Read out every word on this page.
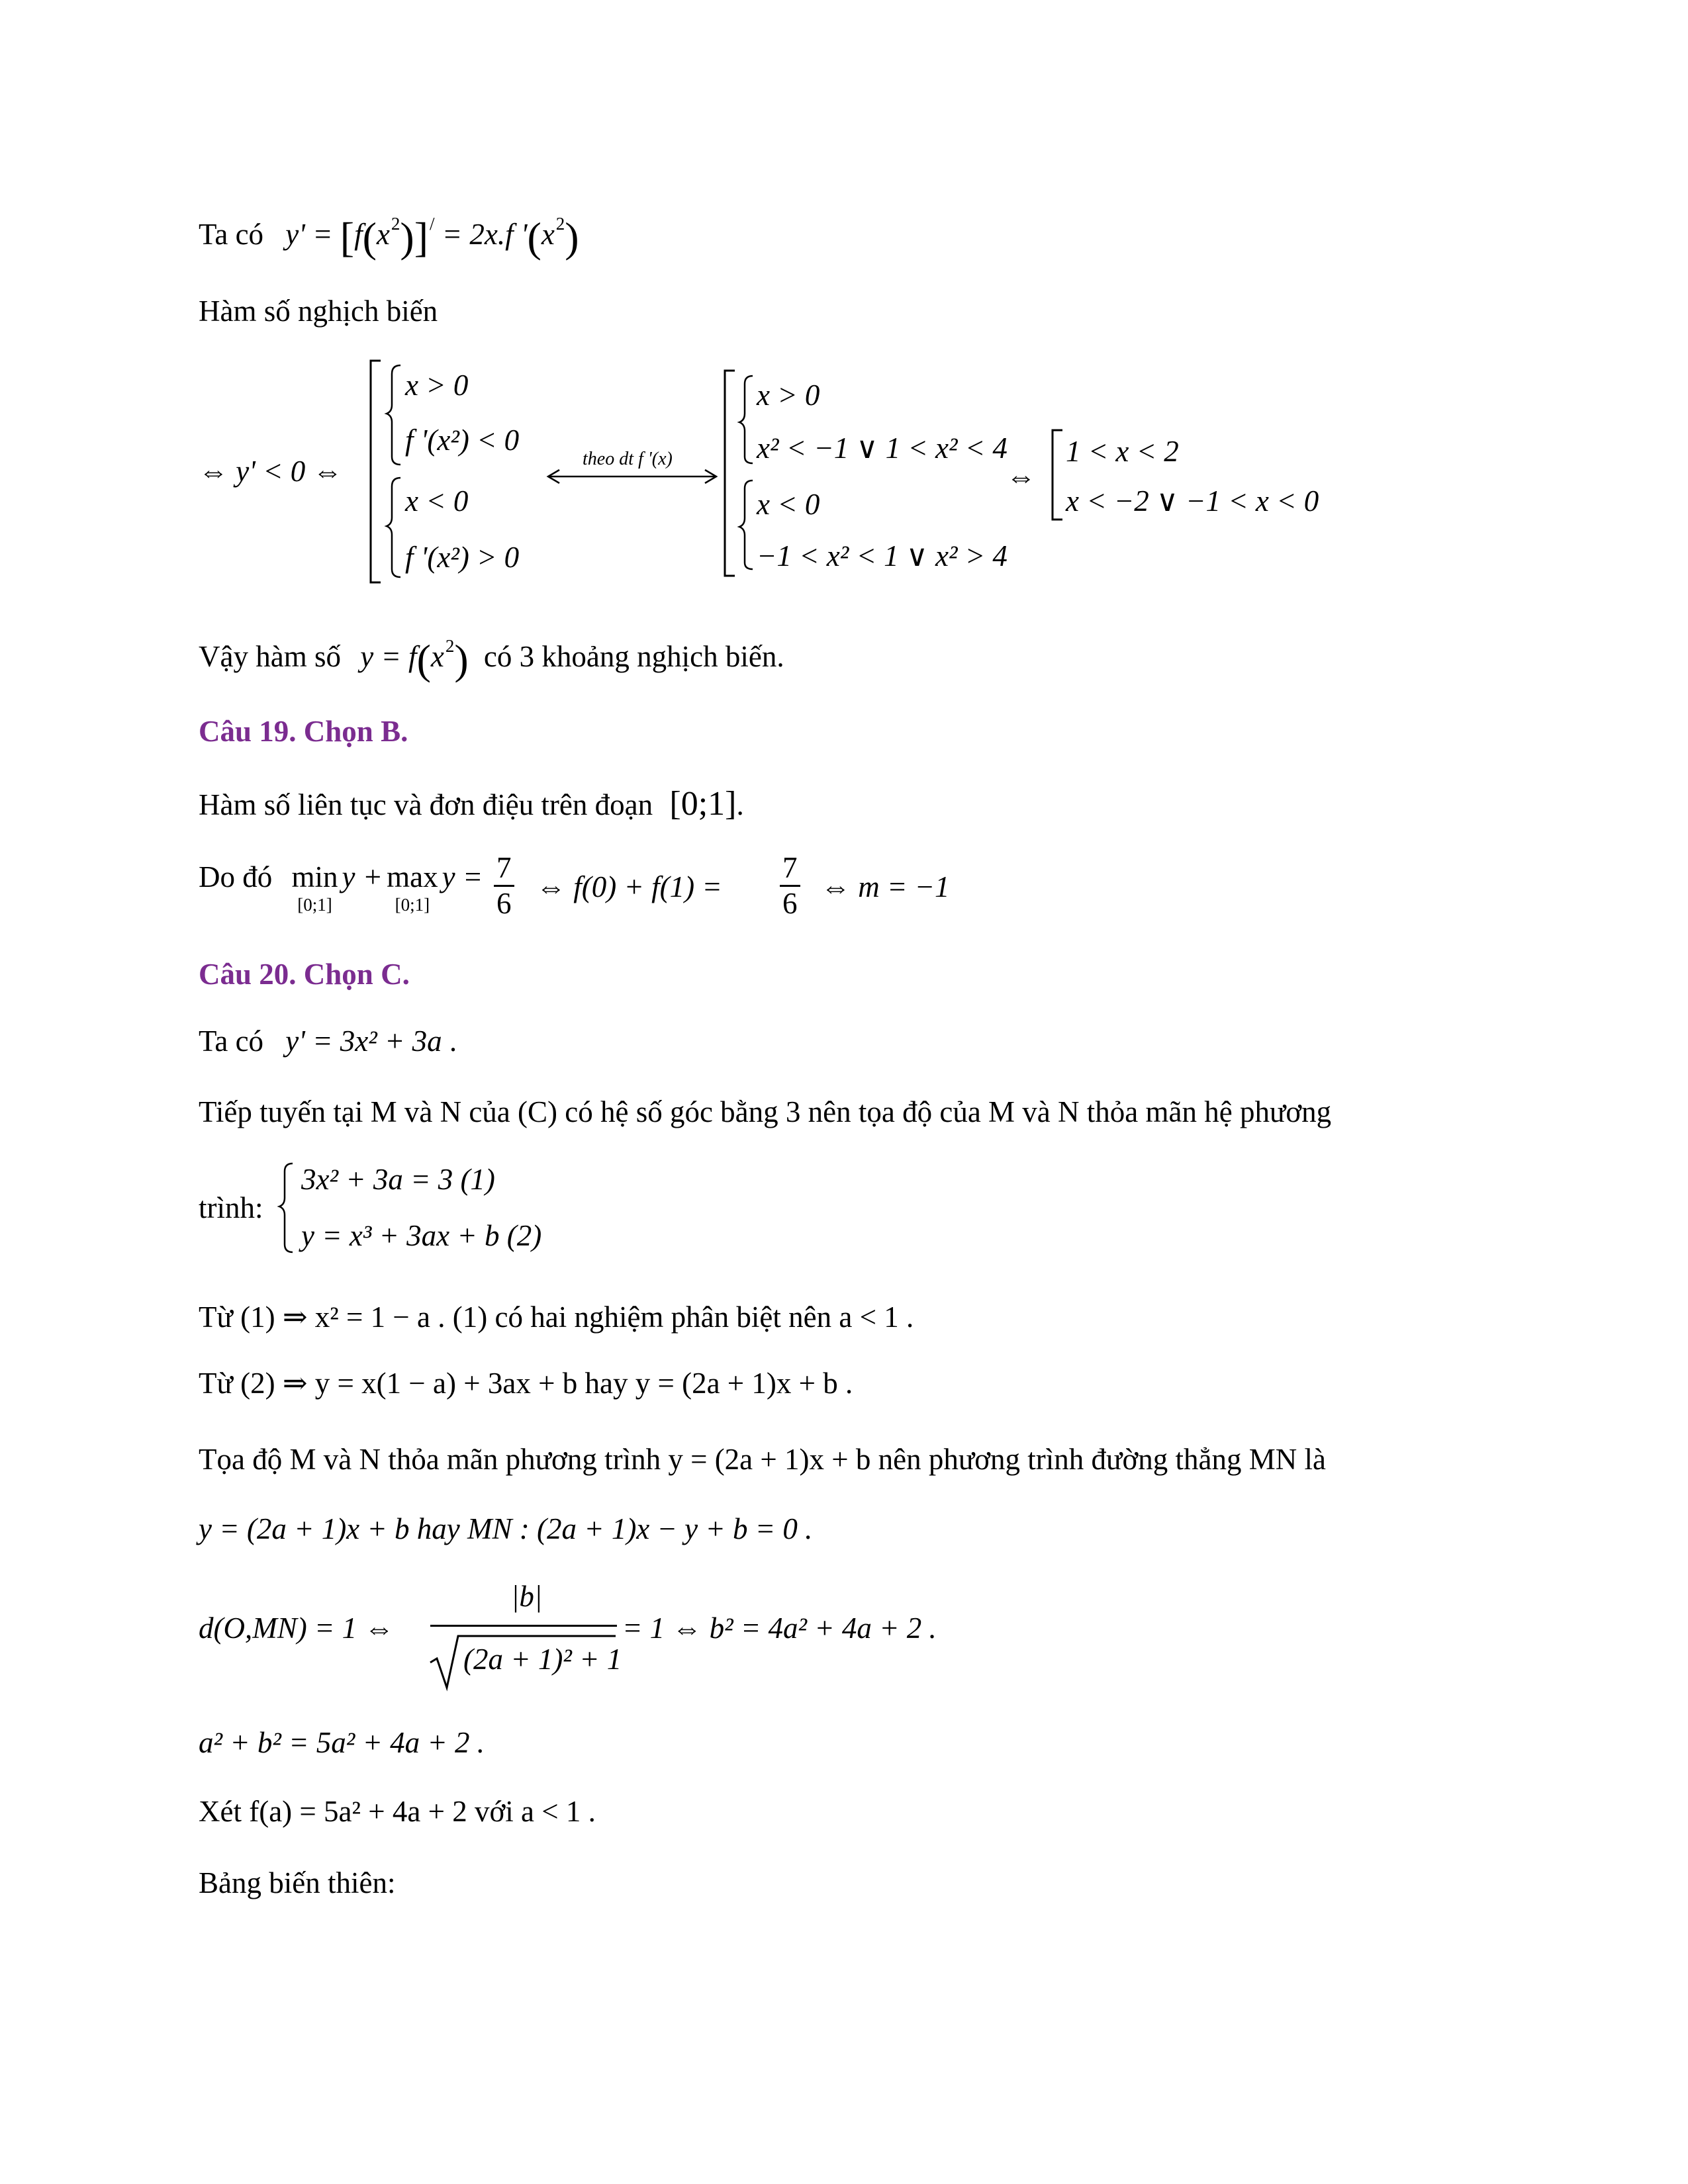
Ta có $y' = [f(x^2)]^/ = 2x.f$ '$(x^2)$
Hàm số nghịch biến
⇔ y' < 0 ⇔
x > 0
f '(x²) < 0
x < 0
f '(x²) > 0
theo dt f '(x)
x > 0
x² < −1 ∨ 1 < x² < 4
x < 0
−1 < x² < 1 ∨ x² > 4
⇔
1 < x < 2
x < −2 ∨ −1 < x < 0
Vậy hàm số $y = f(x^2)$ có 3 khoảng nghịch biến.
Câu 19. Chọn B.
Hàm số liên tục và đơn điệu trên đoạn [0;1].
Do đó min
[0;1]
y + max
[0;1]
$y = \frac{7}{6}$ ⇔ $f(0) + f(1) = \frac{7}{6}$ ⇔ m = −1
Câu 20. Chọn C.
Ta có y' = 3x² + 3a .
Tiếp tuyến tại M và N của (C) có hệ số góc bằng 3 nên tọa độ của M và N thỏa mãn hệ phương
trình:
3x² + 3a = 3 (1)
y = x³ + 3ax + b (2)
Từ (1) ⇒ x² = 1 − a . (1) có hai nghiệm phân biệt nên a < 1 .
Từ (2) ⇒ y = x(1 − a) + 3ax + b hay y = (2a + 1)x + b .
Tọa độ M và N thỏa mãn phương trình y = (2a + 1)x + b nên phương trình đường thẳng MN là
y = (2a + 1)x + b hay MN : (2a + 1)x − y + b = 0 .
d(O,MN) = 1 ⇔
|b|
(2a + 1)² + 1
= 1 ⇔ b² = 4a² + 4a + 2 .
a² + b² = 5a² + 4a + 2 .
Xét f(a) = 5a² + 4a + 2 với a < 1 .
Bảng biến thiên:
